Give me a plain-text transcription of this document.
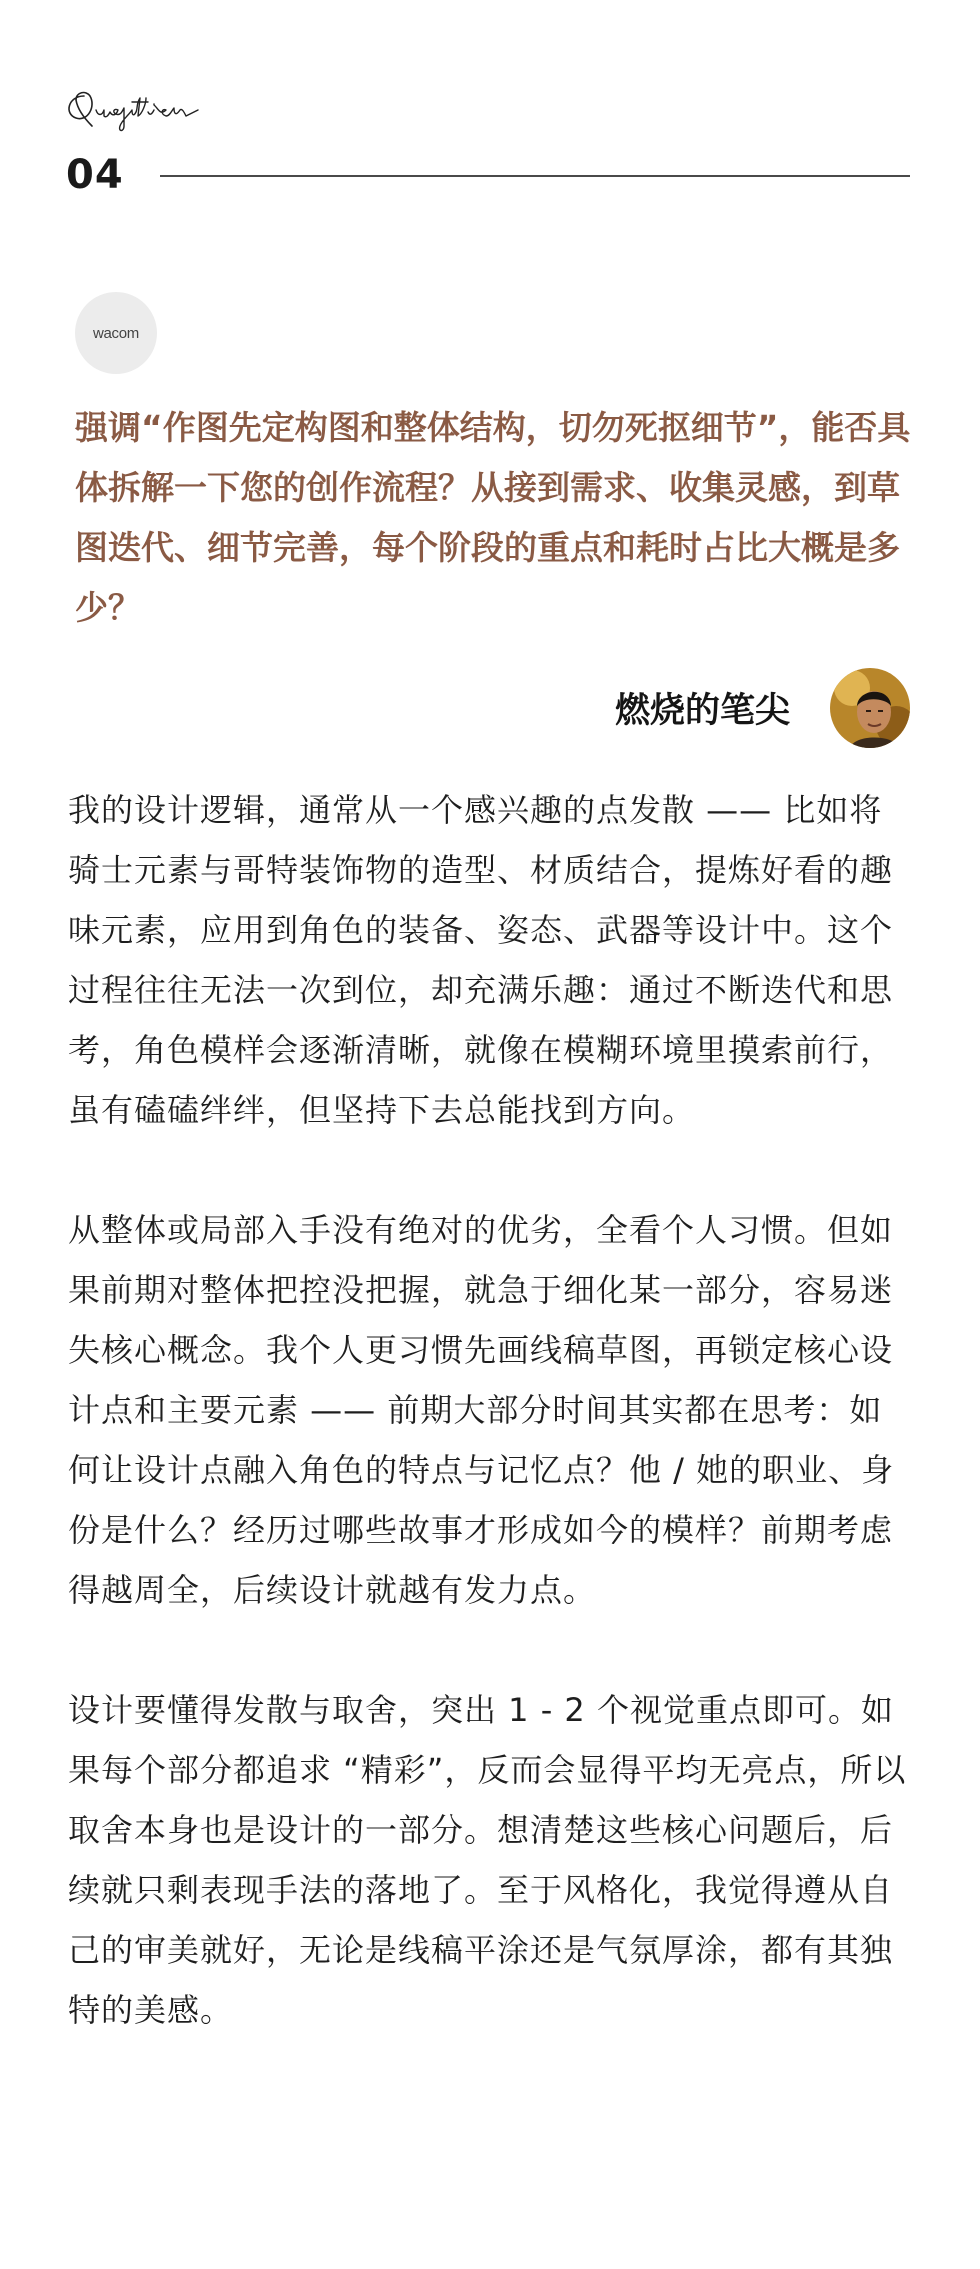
04
wacom

强调“作图先定构图和整体结构，切勿死抠细节”，能否具体拆解一下您的创作流程？从接到需求、收集灵感，到草图迭代、细节完善，每个阶段的重点和耗时占比大概是多少？

燃烧的笔尖

我的设计逻辑，通常从一个感兴趣的点发散 —— 比如将骑士元素与哥特装饰物的造型、材质结合，提炼好看的趣味元素，应用到角色的装备、姿态、武器等设计中。这个过程往往无法一次到位，却充满乐趣：通过不断迭代和思考，角色模样会逐渐清晰，就像在模糊环境里摸索前行，虽有磕磕绊绊，但坚持下去总能找到方向。

从整体或局部入手没有绝对的优劣，全看个人习惯。但如果前期对整体把控没把握，就急于细化某一部分，容易迷失核心概念。我个人更习惯先画线稿草图，再锁定核心设计点和主要元素 —— 前期大部分时间其实都在思考：如何让设计点融入角色的特点与记忆点？他 / 她的职业、身份是什么？经历过哪些故事才形成如今的模样？前期考虑得越周全，后续设计就越有发力点。

设计要懂得发散与取舍，突出 1 - 2 个视觉重点即可。如果每个部分都追求 “精彩”，反而会显得平均无亮点，所以取舍本身也是设计的一部分。想清楚这些核心问题后，后续就只剩表现手法的落地了。至于风格化，我觉得遵从自己的审美就好，无论是线稿平涂还是气氛厚涂，都有其独特的美感。
